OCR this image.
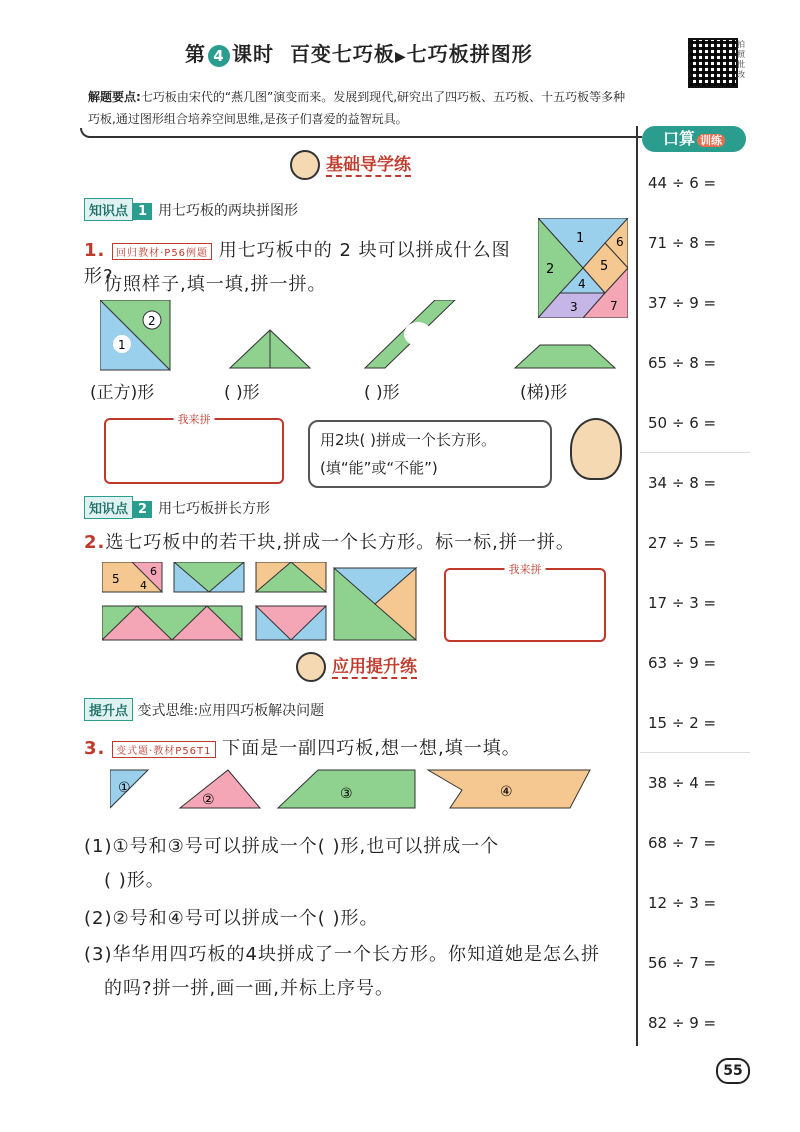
第 4 课时 百变七巧板▶七巧板拼图形	拍照批改
解题要点:七巧板由宋代的“燕几图”演变而来。发展到现代,研究出了四巧板、五巧板、十五巧板等多种巧板,通过图形组合培养空间思维,是孩子们喜爱的益智玩具。
基础导学练
知识点 1 用七巧板的两块拼图形
1. 回归教材·P56例题 用七巧板中的 2 块可以拼成什么图形?
仿照样子,填一填,拼一拼。
1
2
4
5
6
3	7
2
1
(正方)形	( )形	( )形	(梯)形
我来拼
用2块( )拼成一个长方形。(填“能”或“不能”)
知识点 2 用七巧板拼长方形
2.选七巧板中的若干块,拼成一个长方形。标一标,拼一拼。
5
6
4
我来拼
应用提升练
提升点 变式思维:应用四巧板解决问题
3. 变式题·教材P56T1 下面是一副四巧板,想一想,填一填。
①
②	③	④
(1)①号和③号可以拼成一个( )形,也可以拼成一个
( )形。
(2)②号和④号可以拼成一个( )形。
(3)华华用四巧板的4块拼成了一个长方形。你知道她是怎么拼
的吗?拼一拼,画一画,并标上序号。
口算 训练
44 ÷ 6 =
71 ÷ 8 =
37 ÷ 9 =
65 ÷ 8 =
50 ÷ 6 =
34 ÷ 8 =
27 ÷ 5 =
17 ÷ 3 =
63 ÷ 9 =
15 ÷ 2 =
38 ÷ 4 =
68 ÷ 7 =
12 ÷ 3 =
56 ÷ 7 =
82 ÷ 9 =
55
